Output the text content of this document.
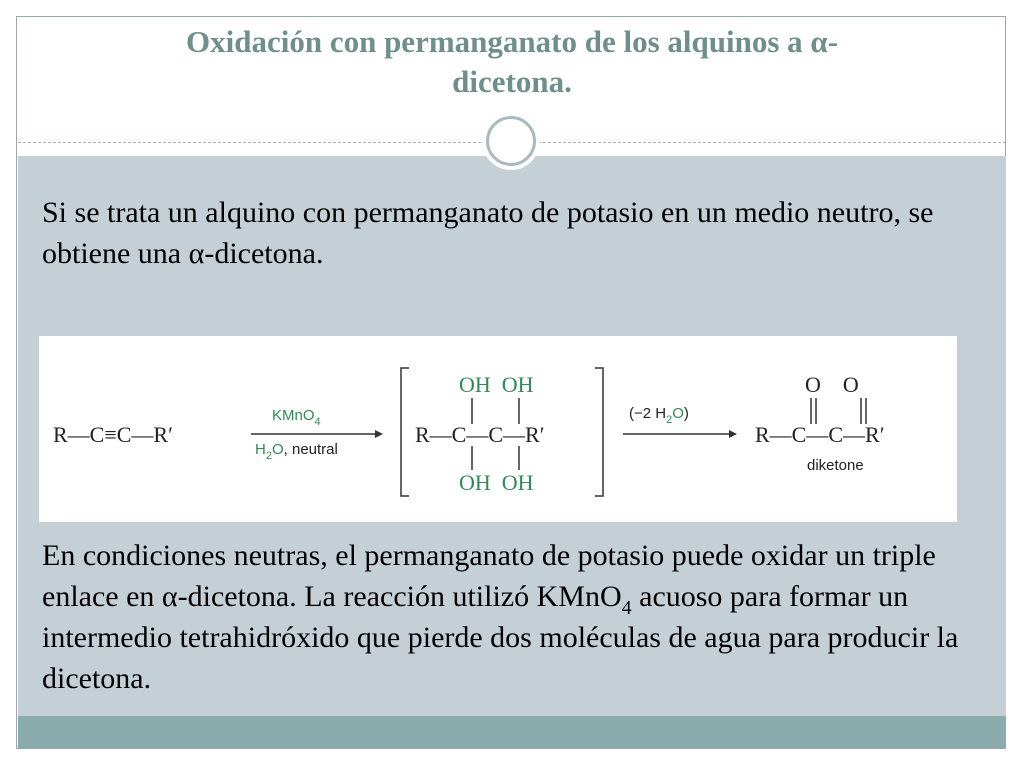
Oxidación con permanganato de los alquinos a α-
dicetona.
Si se trata un alquino con permanganato de potasio en un medio neutro, se obtiene una α-dicetona.
R—C≡C—R′
KMnO$_4$
$H_2O$, neutral
OH  OH
R—C—C—R′
OH  OH
(−2 $H_2O$)
O    O
R—C—C—R′
diketone
En condiciones neutras, el permanganato de potasio puede oxidar un triple enlace en α-dicetona. La reacción utilizó KMnO$_4$ acuoso para formar un intermedio tetrahidróxido que pierde dos moléculas de agua para producir la dicetona.
